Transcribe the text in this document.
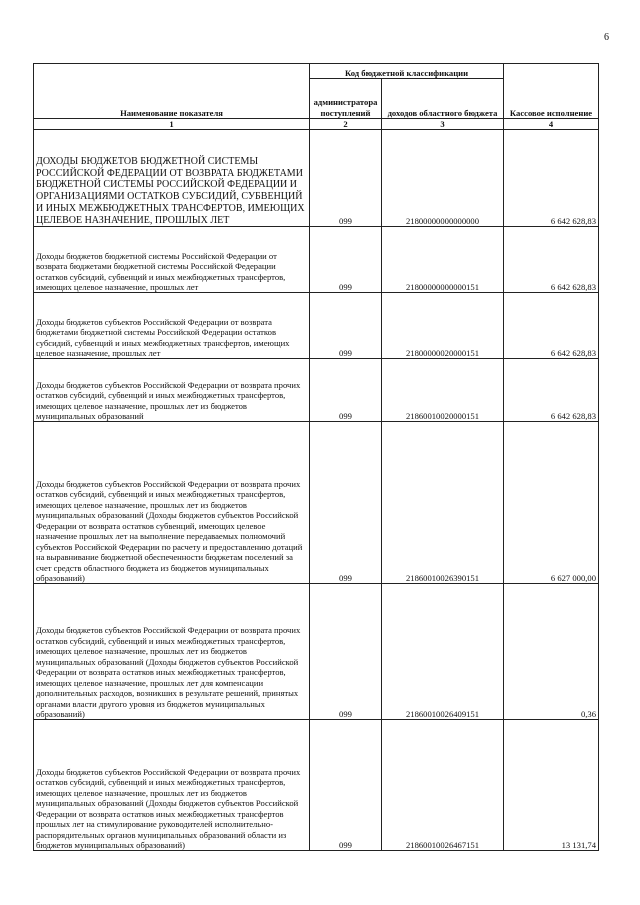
6
Наименование показателя	Код бюджетной классификации		Кассовое исполнение
	администратора поступлений	доходов областного бюджета	
1	2	3	4
ДОХОДЫ БЮДЖЕТОВ БЮДЖЕТНОЙ СИСТЕМЫ РОССИЙСКОЙ ФЕДЕРАЦИИ ОТ ВОЗВРАТА БЮДЖЕТАМИ БЮДЖЕТНОЙ СИСТЕМЫ РОССИЙСКОЙ ФЕДЕРАЦИИ И ОРГАНИЗАЦИЯМИ ОСТАТКОВ СУБСИДИЙ, СУБВЕНЦИЙ И ИНЫХ МЕЖБЮДЖЕТНЫХ ТРАНСФЕРТОВ, ИМЕЮЩИХ ЦЕЛЕВОЕ НАЗНАЧЕНИЕ, ПРОШЛЫХ ЛЕТ	099	21800000000000000	6 642 628,83
Доходы бюджетов бюджетной системы Российской Федерации от возврата бюджетами бюджетной системы Российской Федерации остатков субсидий, субвенций и иных межбюджетных трансфертов, имеющих целевое назначение, прошлых лет	099	21800000000000151	6 642 628,83
Доходы бюджетов субъектов Российской Федерации от возврата бюджетами бюджетной системы Российской Федерации остатков субсидий, субвенций и иных межбюджетных трансфертов, имеющих целевое назначение, прошлых лет	099	21800000020000151	6 642 628,83
Доходы бюджетов субъектов Российской Федерации от возврата прочих остатков субсидий, субвенций и иных межбюджетных трансфертов, имеющих целевое назначение, прошлых лет из бюджетов муниципальных образований	099	21860010020000151	6 642 628,83
Доходы бюджетов субъектов Российской Федерации от возврата прочих остатков субсидий, субвенций и иных межбюджетных трансфертов, имеющих целевое назначение, прошлых лет из бюджетов муниципальных образований (Доходы бюджетов субъектов Российской Федерации от возврата остатков субвенций, имеющих целевое назначение прошлых лет на выполнение передаваемых полномочий субъектов Российской Федерации по расчету и предоставлению дотаций на выравнивание бюджетной обеспеченности бюджетам поселений за счет средств областного бюджета из бюджетов муниципальных образований)	099	21860010026390151	6 627 000,00
Доходы бюджетов субъектов Российской Федерации от возврата прочих остатков субсидий, субвенций и иных межбюджетных трансфертов, имеющих целевое назначение, прошлых лет из бюджетов муниципальных образований (Доходы бюджетов субъектов Российской Федерации от возврата остатков иных межбюджетных трансфертов, имеющих целевое назначение, прошлых лет для компенсации дополнительных расходов, возникших в результате решений, принятых органами власти другого уровня из бюджетов муниципальных образований)	099	21860010026409151	0,36
Доходы бюджетов субъектов Российской Федерации от возврата прочих остатков субсидий, субвенций и иных межбюджетных трансфертов, имеющих целевое назначение, прошлых лет из бюджетов муниципальных образований (Доходы бюджетов субъектов Российской Федерации от возврата остатков иных межбюджетных трансфертов прошлых лет на стимулирование руководителей исполнительно-распорядительных органов муниципальных образований области из бюджетов муниципальных образований)	099	21860010026467151	13 131,74
